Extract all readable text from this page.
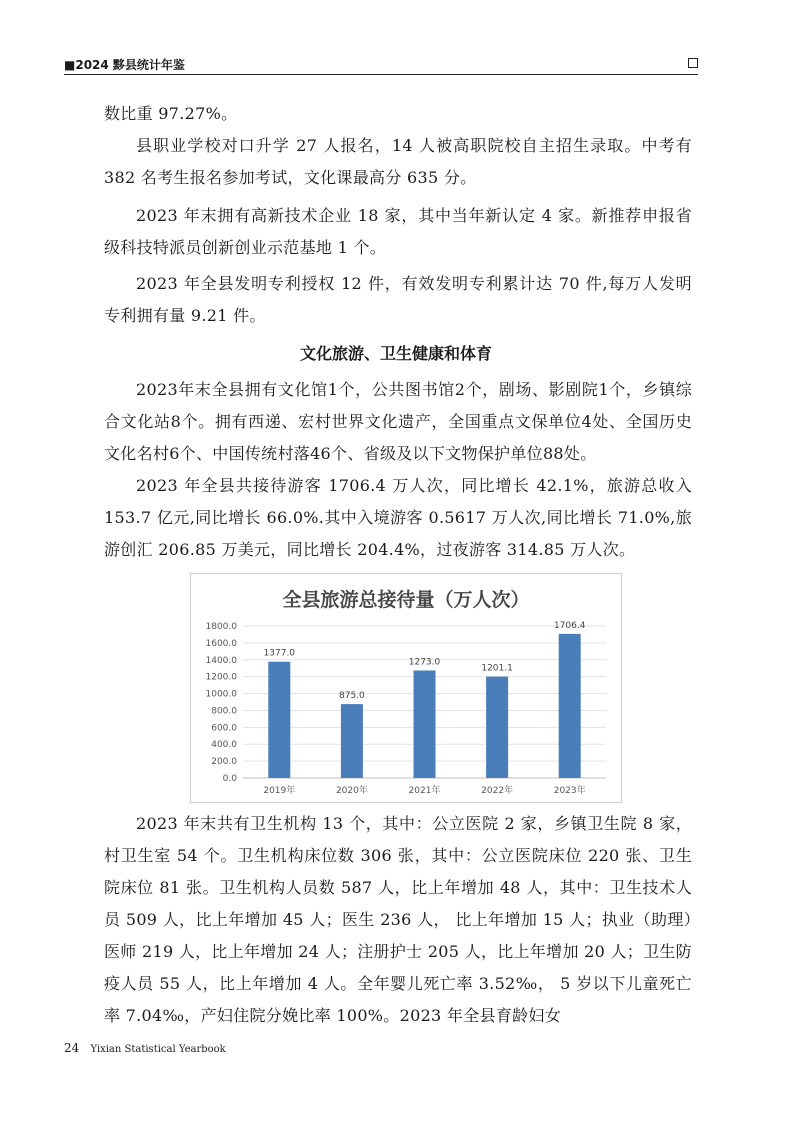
■2024 黟县统计年鉴

数比重 97.27%。

县职业学校对口升学 27 人报名，14 人被高职院校自主招生录取。中考有 382 名考生报名参加考试，文化课最高分 635 分。

2023 年末拥有高新技术企业 18 家，其中当年新认定 4 家。新推荐申报省级科技特派员创新创业示范基地 1 个。

2023 年全县发明专利授权 12 件，有效发明专利累计达 70 件,每万人发明专利拥有量 9.21 件。

文化旅游、卫生健康和体育

2023年末全县拥有文化馆1个，公共图书馆2个，剧场、影剧院1个，乡镇综合文化站8个。拥有西递、宏村世界文化遗产，全国重点文保单位4处、全国历史文化名村6个、中国传统村落46个、省级及以下文物保护单位88处。

2023 年全县共接待游客 1706.4 万人次，同比增长 42.1%，旅游总收入 153.7 亿元,同比增长 66.0%.其中入境游客 0.5617 万人次,同比增长 71.0%,旅游创汇 206.85 万美元，同比增长 204.4%，过夜游客 314.85 万人次。

全县旅游总接待量（万人次）
0.0
200.0
400.0
600.0
800.0
1000.0
1200.0
1400.0
1600.0
1800.0
1377.0
875.0
1273.0
1201.1
1706.4
2019年	2020年	2021年	2022年	2023年

2023 年末共有卫生机构 13 个，其中：公立医院 2 家，乡镇卫生院 8 家，村卫生室 54 个。卫生机构床位数 306 张，其中：公立医院床位 220 张、卫生院床位 81 张。卫生机构人员数 587 人，比上年增加 48 人，其中：卫生技术人员 509 人，比上年增加 45 人；医生 236 人， 比上年增加 15 人；执业（助理）医师 219 人，比上年增加 24 人；注册护士 205 人，比上年增加 20 人；卫生防疫人员 55 人，比上年增加 4 人。全年婴儿死亡率 3.52‰， 5 岁以下儿童死亡率 7.04‰，产妇住院分娩比率 100%。2023 年全县育龄妇女

24 Yixian Statistical Yearbook
